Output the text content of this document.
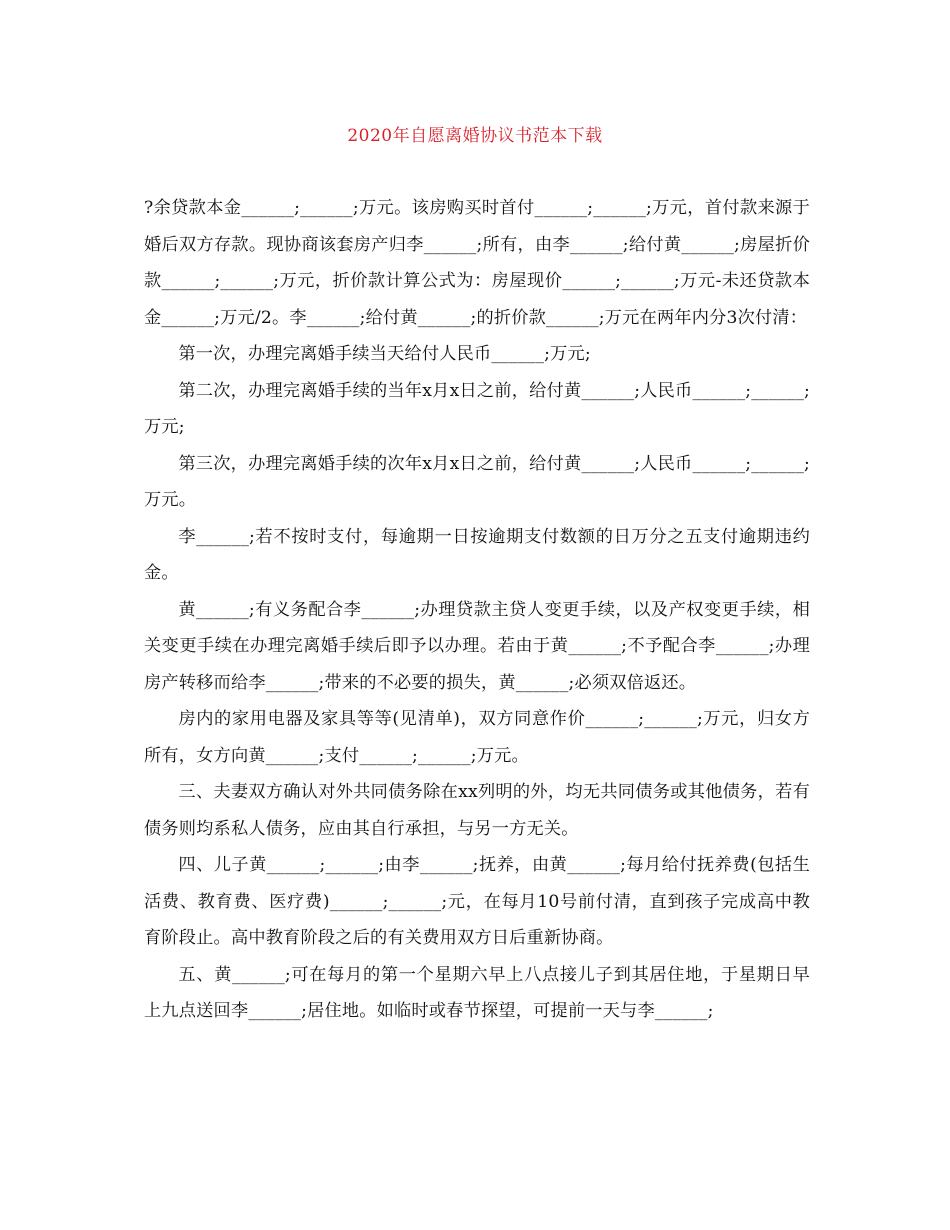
2020年自愿离婚协议书范本下载

?余贷款本金______;______;万元。该房购买时首付______;______;万元，首付款来源于婚后双方存款。现协商该套房产归李______;所有，由李______;给付黄______;房屋折价款______;______;万元，折价款计算公式为：房屋现价______;______;万元-未还贷款本金______;万元/2。李______;给付黄______;的折价款______;万元在两年内分3次付清：

第一次，办理完离婚手续当天给付人民币______;万元;

第二次，办理完离婚手续的当年x月x日之前，给付黄______;人民币______;______;万元;

第三次，办理完离婚手续的次年x月x日之前，给付黄______;人民币______;______;万元。

李______;若不按时支付，每逾期一日按逾期支付数额的日万分之五支付逾期违约金。

黄______;有义务配合李______;办理贷款主贷人变更手续，以及产权变更手续，相关变更手续在办理完离婚手续后即予以办理。若由于黄______;不予配合李______;办理房产转移而给李______;带来的不必要的损失，黄______;必须双倍返还。

房内的家用电器及家具等等(见清单)，双方同意作价______;______;万元，归女方所有，女方向黄______;支付______;______;万元。

三、夫妻双方确认对外共同债务除在xx列明的外，均无共同债务或其他债务，若有债务则均系私人债务，应由其自行承担，与另一方无关。

四、儿子黄______;______;由李______;抚养，由黄______;每月给付抚养费(包括生活费、教育费、医疗费)______;______;元，在每月10号前付清，直到孩子完成高中教育阶段止。高中教育阶段之后的有关费用双方日后重新协商。

五、黄______;可在每月的第一个星期六早上八点接儿子到其居住地，于星期日早上九点送回李______;居住地。如临时或春节探望，可提前一天与李______;
